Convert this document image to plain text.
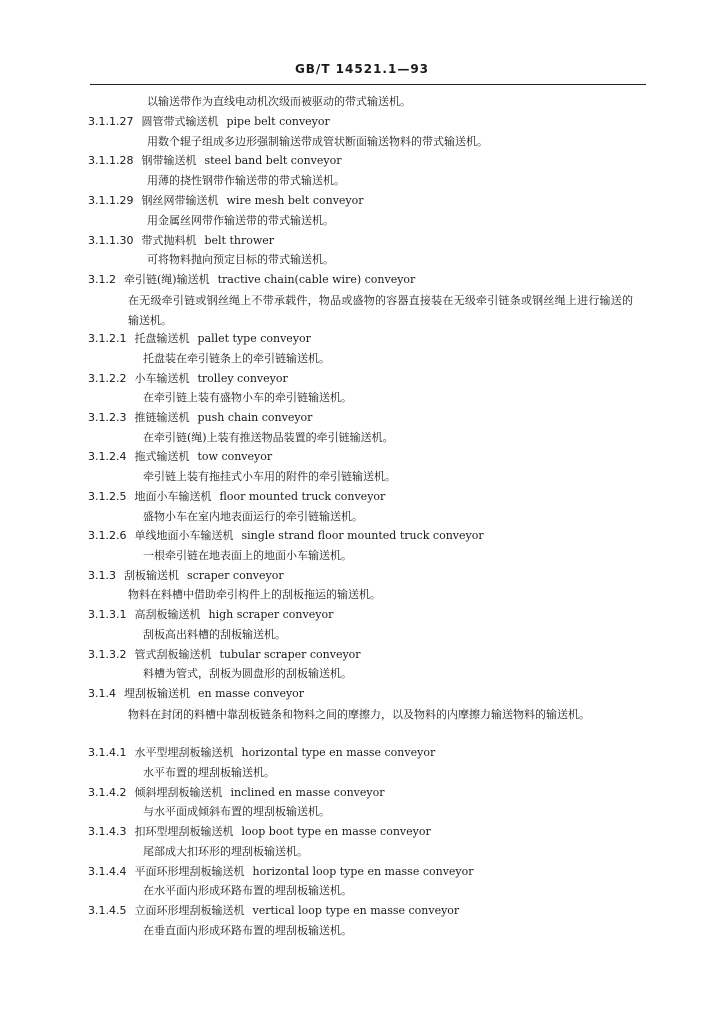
GB/T 14521.1—93
以输送带作为直线电动机次级而被驱动的带式输送机。
3.1.1.27 圆管带式输送机 pipe belt conveyor
用数个辊子组成多边形强制输送带成管状断面输送物料的带式输送机。
3.1.1.28 钢带输送机 steel band belt conveyor
用薄的挠性钢带作输送带的带式输送机。
3.1.1.29 钢丝网带输送机 wire mesh belt conveyor
用金属丝网带作输送带的带式输送机。
3.1.1.30 带式抛料机 belt thrower
可将物料抛向预定目标的带式输送机。
3.1.2 牵引链(绳)输送机 tractive chain(cable wire) conveyor
在无级牵引链或钢丝绳上不带承载件，物品或盛物的容器直接装在无级牵引链条或钢丝绳上进行输送的输送机。
3.1.2.1 托盘输送机 pallet type conveyor
托盘装在牵引链条上的牵引链输送机。
3.1.2.2 小车输送机 trolley conveyor
在牵引链上装有盛物小车的牵引链输送机。
3.1.2.3 推链输送机 push chain conveyor
在牵引链(绳)上装有推送物品装置的牵引链输送机。
3.1.2.4 拖式输送机 tow conveyor
牵引链上装有拖挂式小车用的附件的牵引链输送机。
3.1.2.5 地面小车输送机 floor mounted truck conveyor
盛物小车在室内地表面运行的牵引链输送机。
3.1.2.6 单线地面小车输送机 single strand floor mounted truck conveyor
一根牵引链在地表面上的地面小车输送机。
3.1.3 刮板输送机 scraper conveyor
物料在料槽中借助牵引构件上的刮板拖运的输送机。
3.1.3.1 高刮板输送机 high scraper conveyor
刮板高出料槽的刮板输送机。
3.1.3.2 管式刮板输送机 tubular scraper conveyor
料槽为管式，刮板为圆盘形的刮板输送机。
3.1.4 埋刮板输送机 en masse conveyor
物料在封闭的料槽中靠刮板链条和物料之间的摩擦力，以及物料的内摩擦力输送物料的输送机。
3.1.4.1 水平型埋刮板输送机 horizontal type en masse conveyor
水平布置的埋刮板输送机。
3.1.4.2 倾斜埋刮板输送机 inclined en masse conveyor
与水平面成倾斜布置的埋刮板输送机。
3.1.4.3 扣环型埋刮板输送机 loop boot type en masse conveyor
尾部成大扣环形的埋刮板输送机。
3.1.4.4 平面环形埋刮板输送机 horizontal loop type en masse conveyor
在水平面内形成环路布置的埋刮板输送机。
3.1.4.5 立面环形埋刮板输送机 vertical loop type en masse conveyor
在垂直面内形成环路布置的埋刮板输送机。
